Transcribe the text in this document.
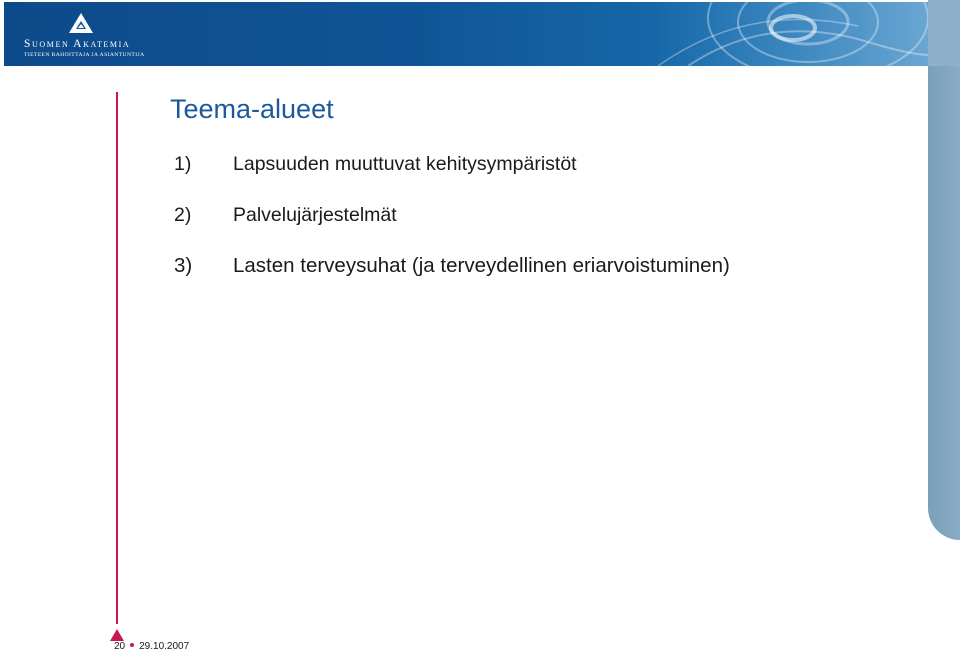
Suomen Akatemia
TIETEEN RAHOITTAJA JA ASIANTUNTIJA
Teema-alueet
1) Lapsuuden muuttuvat kehitysympäristöt
2) Palvelujärjestelmät
3) Lasten terveysuhat (ja terveydellinen eriarvoistuminen)
20 29.10.2007
